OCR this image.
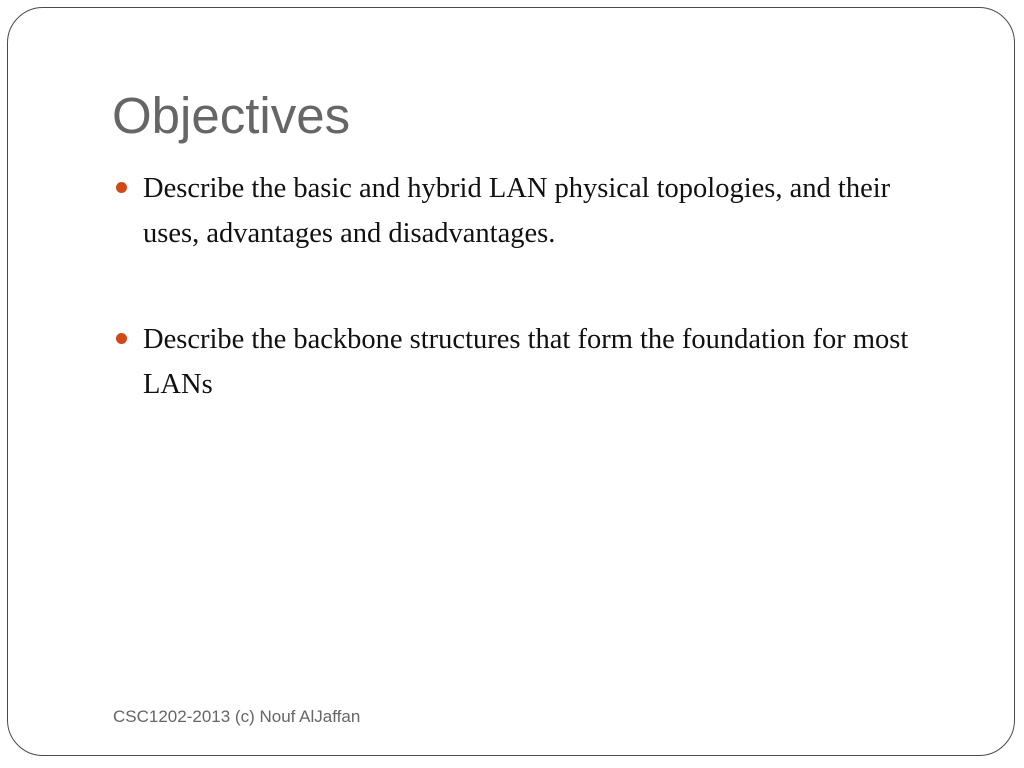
Objectives
Describe the basic and hybrid LAN physical topologies, and their uses, advantages and disadvantages.
Describe the backbone structures that form the foundation for most LANs
CSC1202-2013 (c) Nouf AlJaffan
